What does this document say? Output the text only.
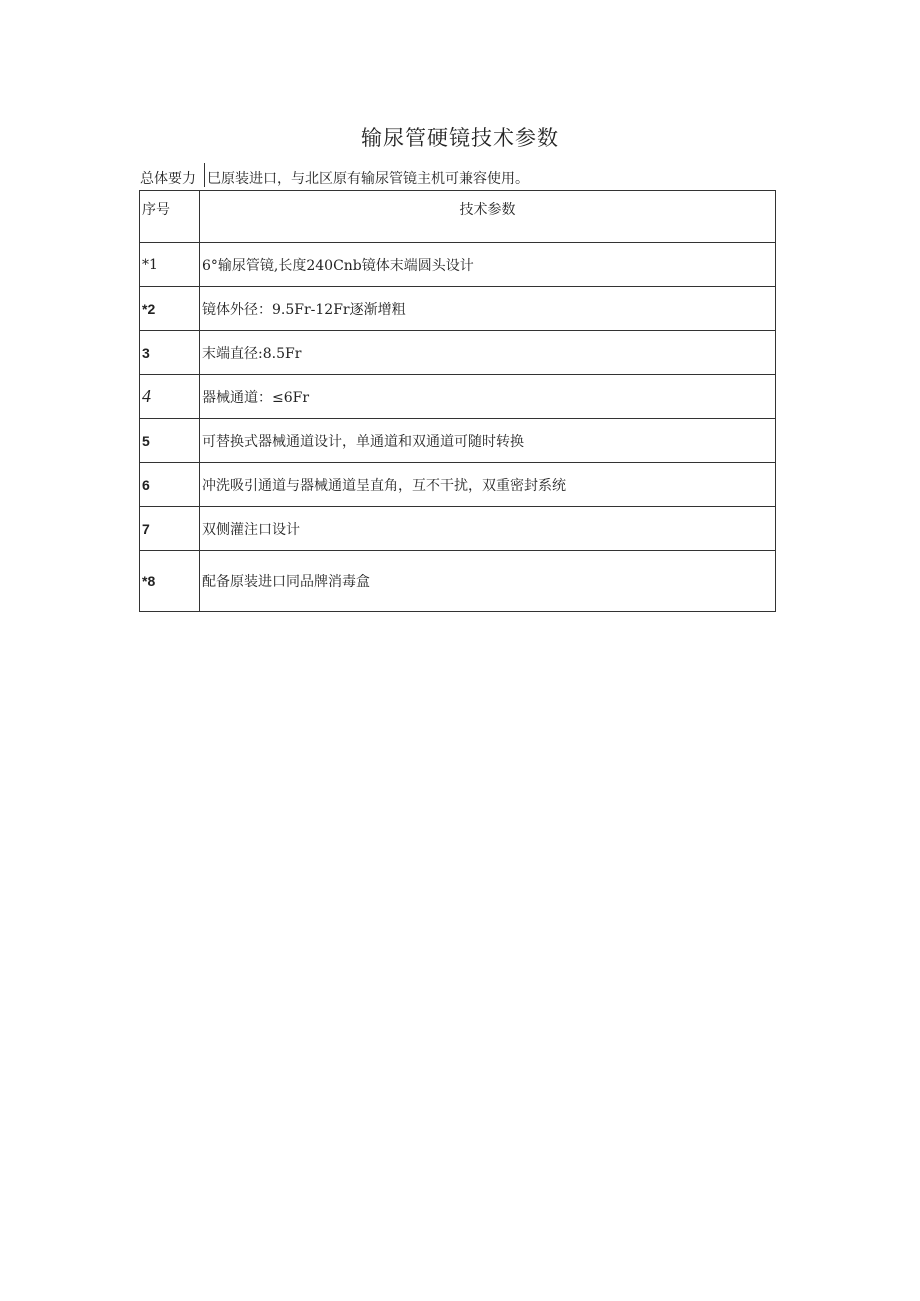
输尿管硬镜技术参数
总体要力 巳原装进口，与北区原有输尿管镜主机可兼容使用。
序号	技术参数
*1	6°输尿管镜,长度240Cnb镜体末端圆头设计
*2	镜体外径：9.5Fr-12Fr逐渐增粗
3	末端直径:8.5Fr
4	器械通道：≤6Fr
5	可替换式器械通道设计，单通道和双通道可随时转换
6	冲洗吸引通道与器械通道呈直角，互不干扰，双重密封系统
7	双侧灌注口设计
*8	配备原装进口同品牌消毒盒
